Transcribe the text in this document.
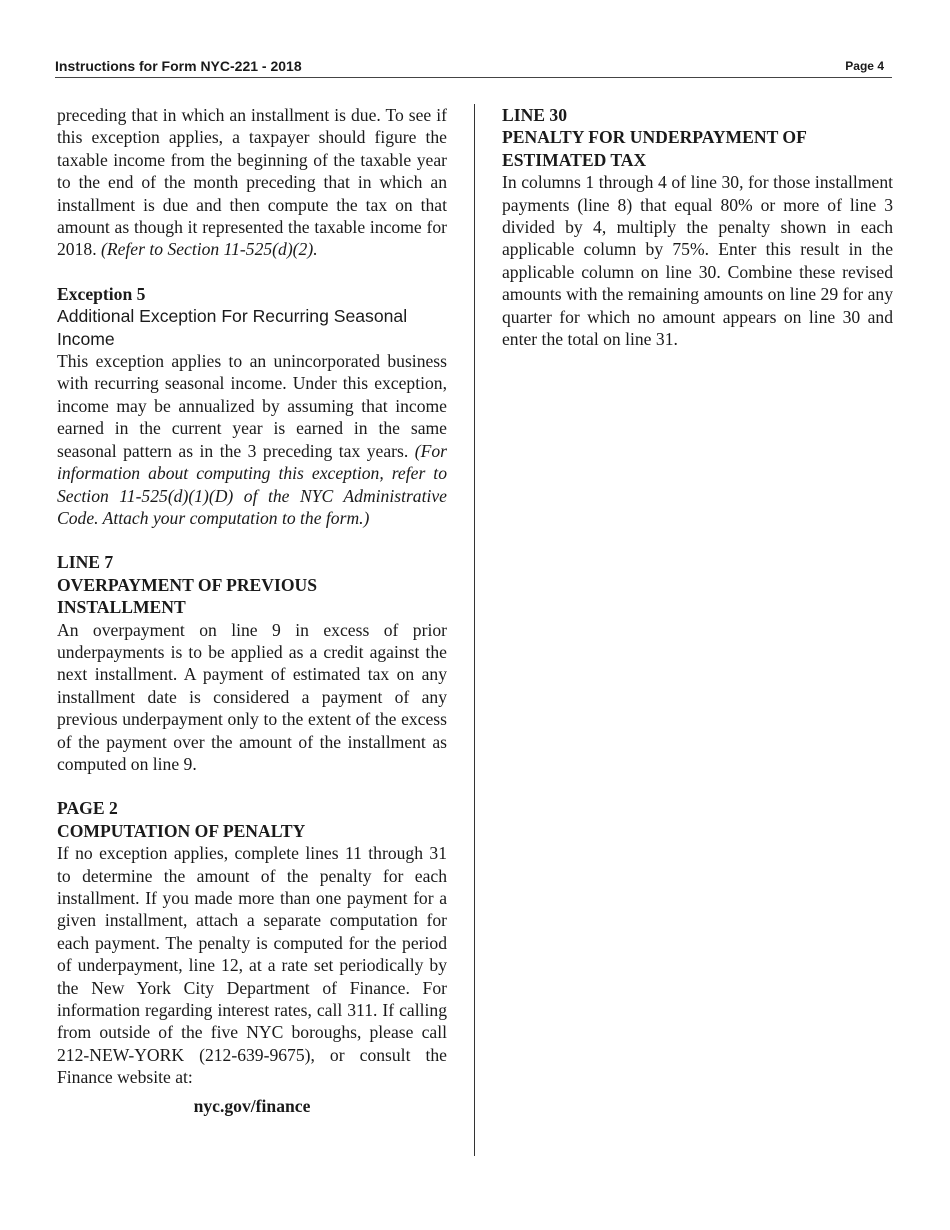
Instructions for Form NYC-221 - 2018	Page 4

preceding that in which an installment is due. To see if this exception applies, a taxpayer should figure the taxable income from the beginning of the taxable year to the end of the month preceding that in which an installment is due and then compute the tax on that amount as though it represented the taxable income for 2018. (Refer to Section 11-525(d)(2).

Exception 5
Additional Exception For Recurring Seasonal Income

This exception applies to an unincorporated business with recurring seasonal income. Under this exception, income may be annualized by assuming that income earned in the current year is earned in the same seasonal pattern as in the 3 preceding tax years. (For information about computing this exception, refer to Section 11-525(d)(1)(D) of the NYC Administrative Code. Attach your computation to the form.)

LINE 7
OVERPAYMENT OF PREVIOUS INSTALLMENT

An overpayment on line 9 in excess of prior underpayments is to be applied as a credit against the next installment. A payment of estimated tax on any installment date is considered a payment of any previous underpayment only to the extent of the excess of the payment over the amount of the installment as computed on line 9.

PAGE 2
COMPUTATION OF PENALTY

If no exception applies, complete lines 11 through 31 to determine the amount of the penalty for each installment. If you made more than one payment for a given installment, attach a separate computation for each payment. The penalty is computed for the period of underpayment, line 12, at a rate set periodically by the New York City Department of Finance. For information regarding interest rates, call 311. If calling from outside of the five NYC boroughs, please call 212-NEW-YORK (212-639-9675), or consult the Finance website at:

nyc.gov/finance
LINE 30
PENALTY FOR UNDERPAYMENT OF ESTIMATED TAX

In columns 1 through 4 of line 30, for those installment payments (line 8) that equal 80% or more of line 3 divided by 4, multiply the penalty shown in each applicable column by 75%. Enter this result in the applicable column on line 30. Combine these revised amounts with the remaining amounts on line 29 for any quarter for which no amount appears on line 30 and enter the total on line 31.
